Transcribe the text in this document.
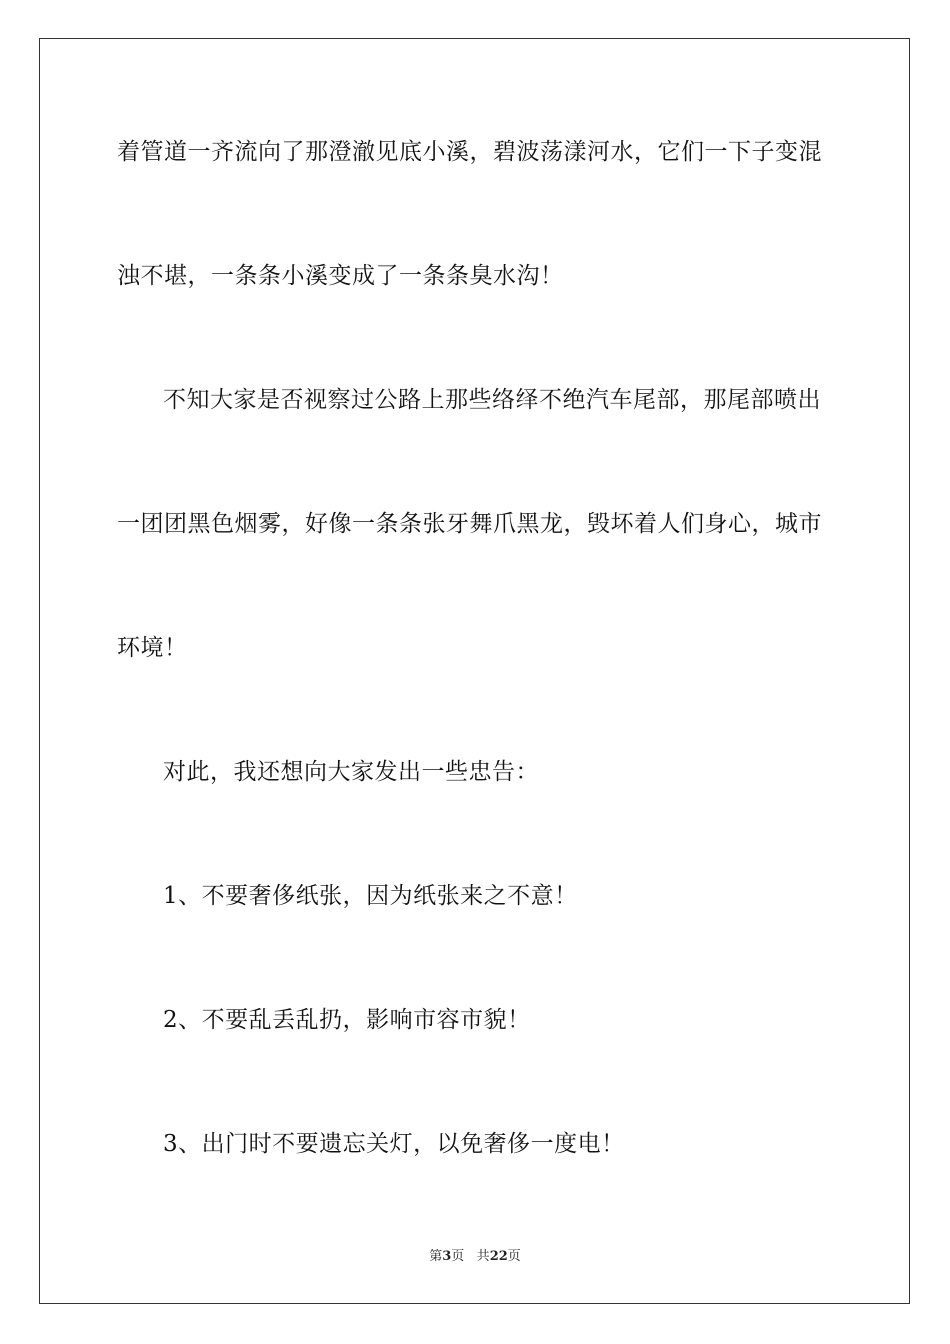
着管道一齐流向了那澄澈见底小溪，碧波荡漾河水，它们一下子变混
浊不堪，一条条小溪变成了一条条臭水沟！
不知大家是否视察过公路上那些络绎不绝汽车尾部，那尾部喷出
一团团黑色烟雾，好像一条条张牙舞爪黑龙，毁坏着人们身心，城市
环境！
对此，我还想向大家发出一些忠告：
1、不要奢侈纸张，因为纸张来之不意！
2、不要乱丢乱扔，影响市容市貌！
3、出门时不要遗忘关灯，以免奢侈一度电！
第3页 共22页
